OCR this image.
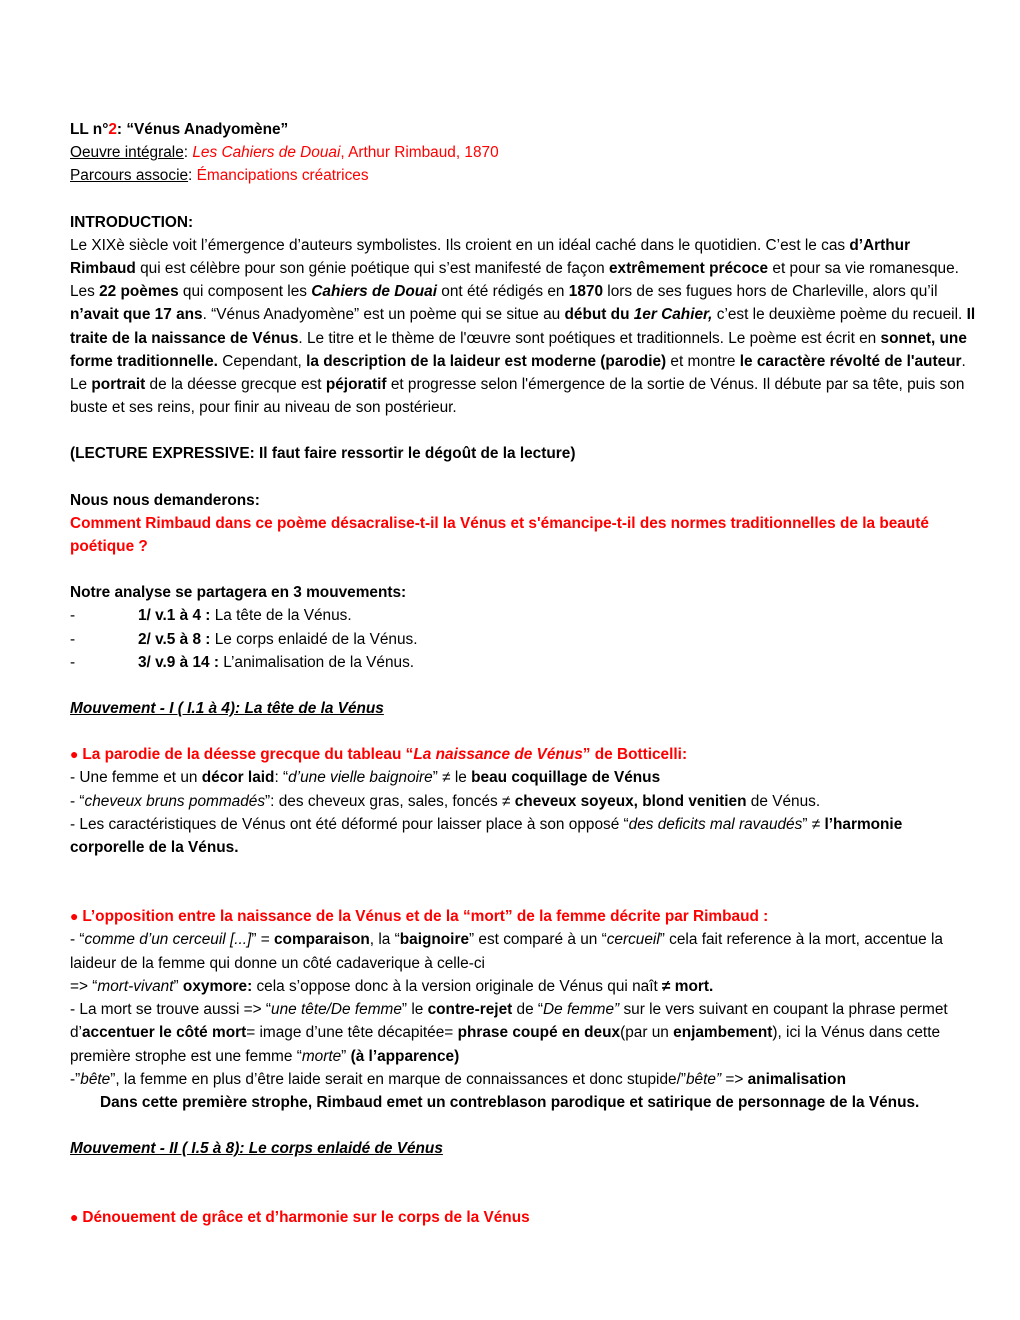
LL n°2: “Vénus Anadyomène”
Oeuvre intégrale: Les Cahiers de Douai, Arthur Rimbaud, 1870
Parcours associe: Émancipations créatrices
INTRODUCTION:
Le XIXè siècle voit l’émergence d’auteurs symbolistes. Ils croient en un idéal caché dans le quotidien. C’est le cas d’Arthur Rimbaud qui est célèbre pour son génie poétique qui s’est manifesté de façon extrêmement précoce et pour sa vie romanesque. Les 22 poèmes qui composent les Cahiers de Douai ont été rédigés en 1870 lors de ses fugues hors de Charleville, alors qu’il n’avait que 17 ans. “Vénus Anadyomène” est un poème qui se situe au début du 1er Cahier, c’est le deuxième poème du recueil. Il traite de la naissance de Vénus. Le titre et le thème de l'œuvre sont poétiques et traditionnels. Le poème est écrit en sonnet, une forme traditionnelle. Cependant, la description de la laideur est moderne (parodie) et montre le caractère révolté de l'auteur. Le portrait de la déesse grecque est péjoratif et progresse selon l'émergence de la sortie de Vénus. Il débute par sa tête, puis son buste et ses reins, pour finir au niveau de son postérieur.
(LECTURE EXPRESSIVE: Il faut faire ressortir le dégoût de la lecture)
Nous nous demanderons:
Comment Rimbaud dans ce poème désacralise-t-il la Vénus et s'émancipe-t-il des normes traditionnelles de la beauté poétique ?
Notre analyse se partagera en 3 mouvements:
-	1/ v.1 à 4 : La tête de la Vénus.
-	2/ v.5 à 8 : Le corps enlaidé de la Vénus.
-	3/ v.9 à 14 : L’animalisation de la Vénus.
Mouvement - I ( I.1 à 4): La tête de la Vénus
● La parodie de la déesse grecque du tableau “La naissance de Vénus” de Botticelli:
- Une femme et un décor laid: “d’une vielle baignoire” ≠ le beau coquillage de Vénus
- “cheveux bruns pommadés”: des cheveux gras, sales, foncés ≠ cheveux soyeux, blond venitien de Vénus.
- Les caractéristiques de Vénus ont été déformé pour laisser place à son opposé “des deficits mal ravaudés” ≠ l’harmonie corporelle de la Vénus.
● L’opposition entre la naissance de la Vénus et de la “mort” de la femme décrite par Rimbaud :
- “comme d’un cerceuil [...]” = comparaison, la “baignoire” est comparé à un “cercueil” cela fait reference à la mort, accentue la laideur de la femme qui donne un côté cadaverique à celle-ci
=> “mort-vivant” oxymore: cela s’oppose donc à la version originale de Vénus qui naît ≠ mort.
- La mort se trouve aussi => “une tête/De femme” le contre-rejet de “De femme” sur le vers suivant en coupant la phrase permet d’accentuer le côté mort= image d’une tête décapitée= phrase coupé en deux(par un enjambement), ici la Vénus dans cette première strophe est une femme “morte” (à l’apparence)
-”bête”, la femme en plus d’être laide serait en marque de connaissances et donc stupide/”bête” => animalisation
Dans cette première strophe, Rimbaud emet un contreblason parodique et satirique de personnage de la Vénus.
Mouvement - II ( I.5 à 8): Le corps enlaidé de Vénus
● Dénouement de grâce et d’harmonie sur le corps de la Vénus
